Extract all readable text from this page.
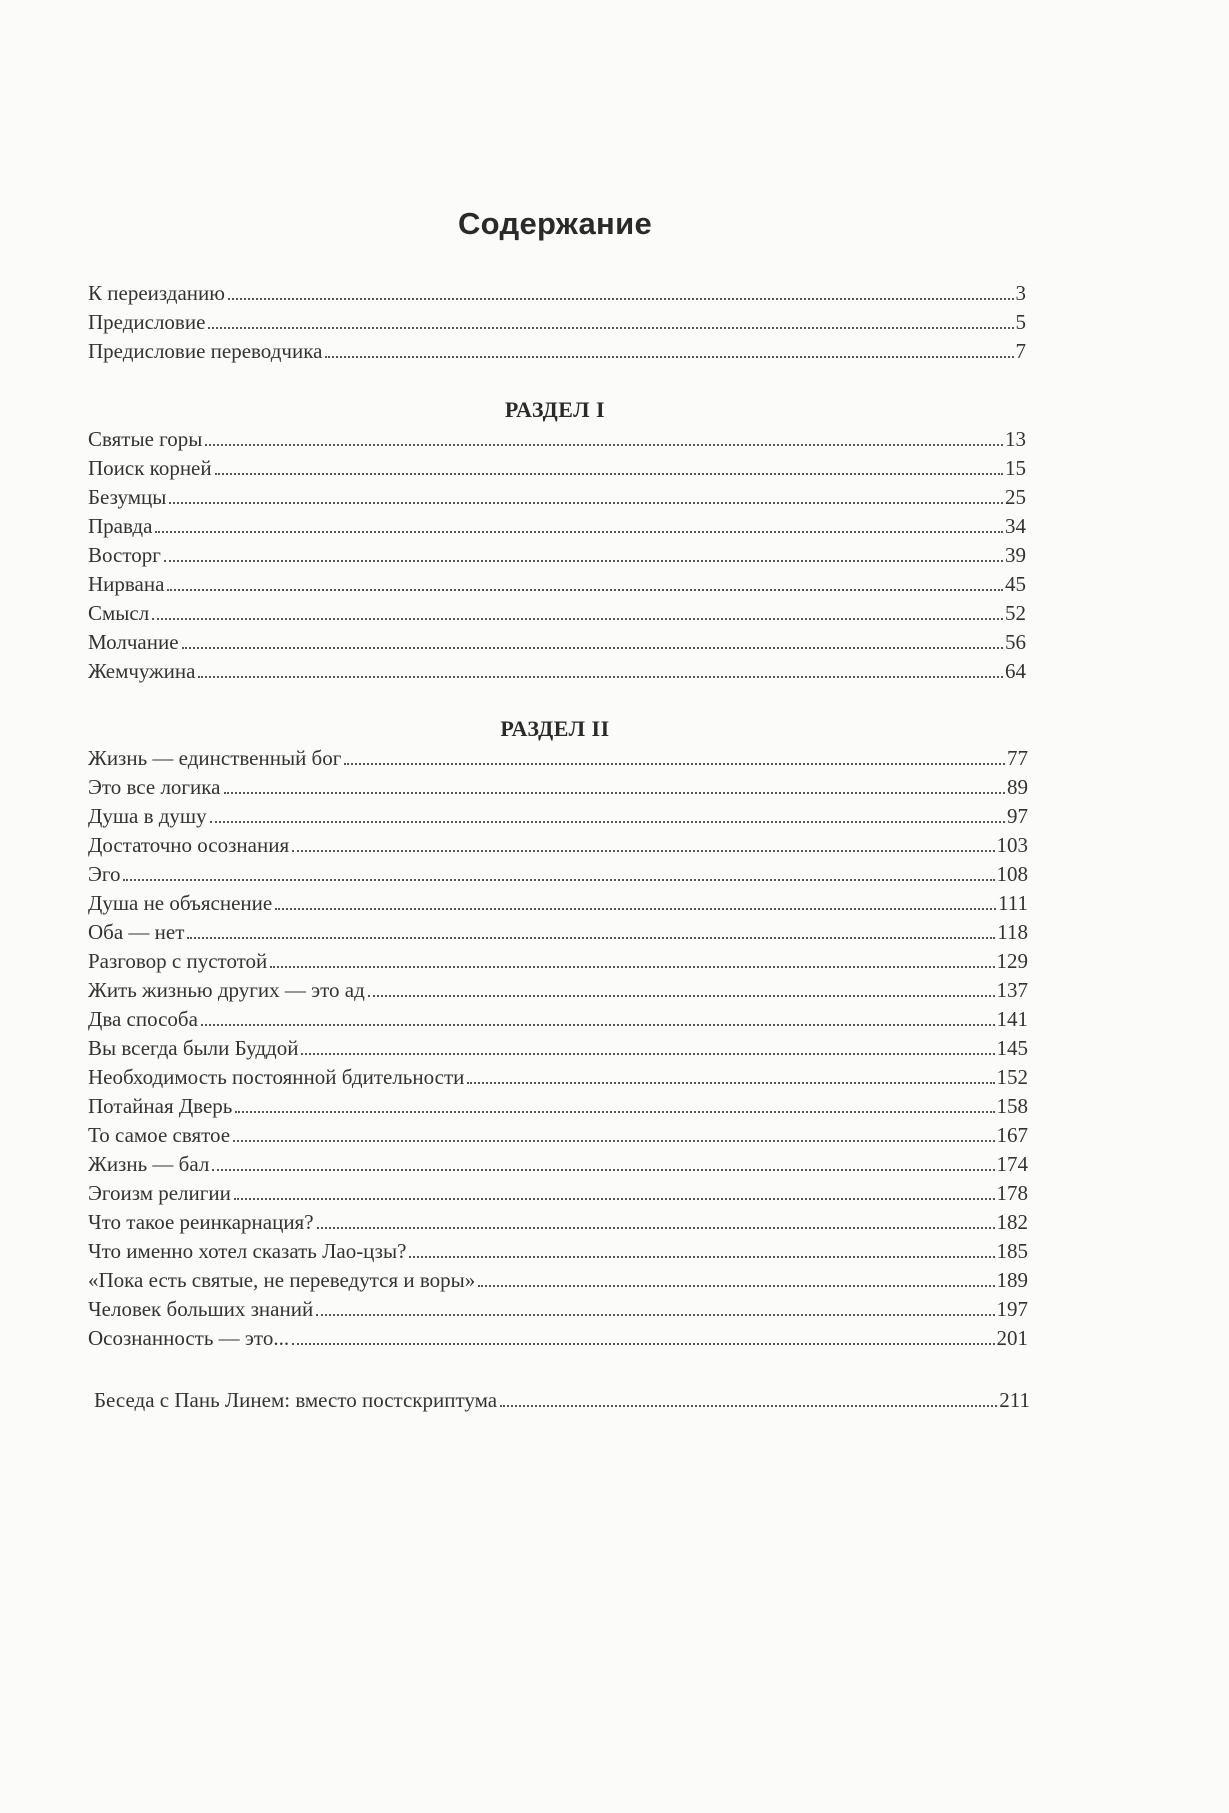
Содержание
К переизданию	3
Предисловие	5
Предисловие переводчика	7
РАЗДЕЛ I
Святые горы	13
Поиск корней	15
Безумцы	25
Правда	34
Восторг	39
Нирвана	45
Смысл	52
Молчание	56
Жемчужина	64
РАЗДЕЛ II
Жизнь — единственный бог	77
Это все логика	89
Душа в душу	97
Достаточно осознания	103
Эго	108
Душа не объяснение	111
Оба — нет	118
Разговор с пустотой	129
Жить жизнью других — это ад	137
Два способа	141
Вы всегда были Буддой	145
Необходимость постоянной бдительности	152
Потайная Дверь	158
То самое святое	167
Жизнь — бал	174
Эгоизм религии	178
Что такое реинкарнация?	182
Что именно хотел сказать Лао-цзы?	185
«Пока есть святые, не переведутся и воры»	189
Человек больших знаний	197
Осознанность — это...	201
Беседа с Пань Линем: вместо постскриптума	211
